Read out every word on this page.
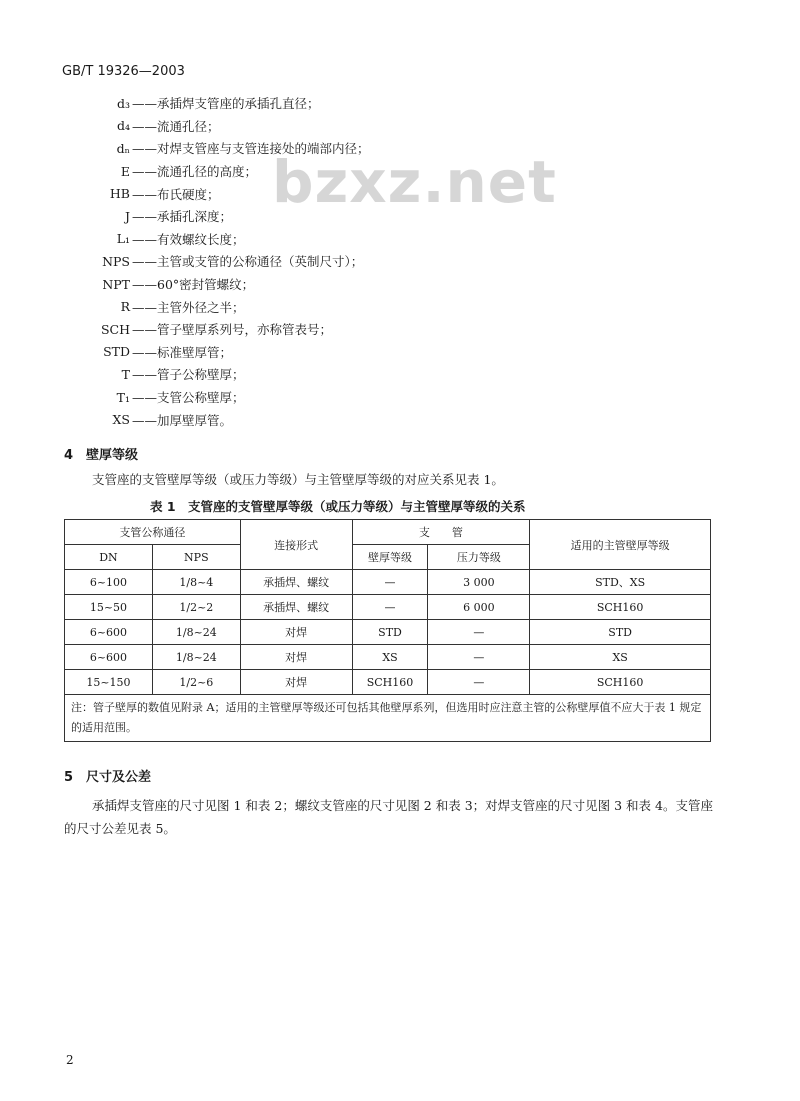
GB/T 19326—2003
bzxz.net
d₃ ——承插焊支管座的承插孔直径；
d₄ ——流通孔径；
dₙ ——对焊支管座与支管连接处的端部内径；
E ——流通孔径的高度；
HB ——布氏硬度；
J ——承插孔深度；
L₁ ——有效螺纹长度；
NPS ——主管或支管的公称通径（英制尺寸）；
NPT ——60°密封管螺纹；
R ——主管外径之半；
SCH ——管子壁厚系列号，亦称管表号；
STD ——标准壁厚管；
T ——管子公称壁厚；
T₁ ——支管公称壁厚；
XS ——加厚壁厚管。
4　壁厚等级
支管座的支管壁厚等级（或压力等级）与主管壁厚等级的对应关系见表 1。
表 1　支管座的支管壁厚等级（或压力等级）与主管壁厚等级的关系
支管公称通径		连接形式	支　　管		适用的主管壁厚等级
DN	NPS		壁厚等级	压力等级	
6~100	1/8~4	承插焊、螺纹	—	3 000	STD、XS
15~50	1/2~2	承插焊、螺纹	—	6 000	SCH160
6~600	1/8~24	对焊	STD	—	STD
6~600	1/8~24	对焊	XS	—	XS
15~150	1/2~6	对焊	SCH160	—	SCH160
注：管子壁厚的数值见附录 A；适用的主管壁厚等级还可包括其他壁厚系列，但选用时应注意主管的公称壁厚值不应大于表 1 规定的适用范围。					
5　尺寸及公差
承插焊支管座的尺寸见图 1 和表 2；螺纹支管座的尺寸见图 2 和表 3；对焊支管座的尺寸见图 3 和表 4。支管座的尺寸公差见表 5。
2
